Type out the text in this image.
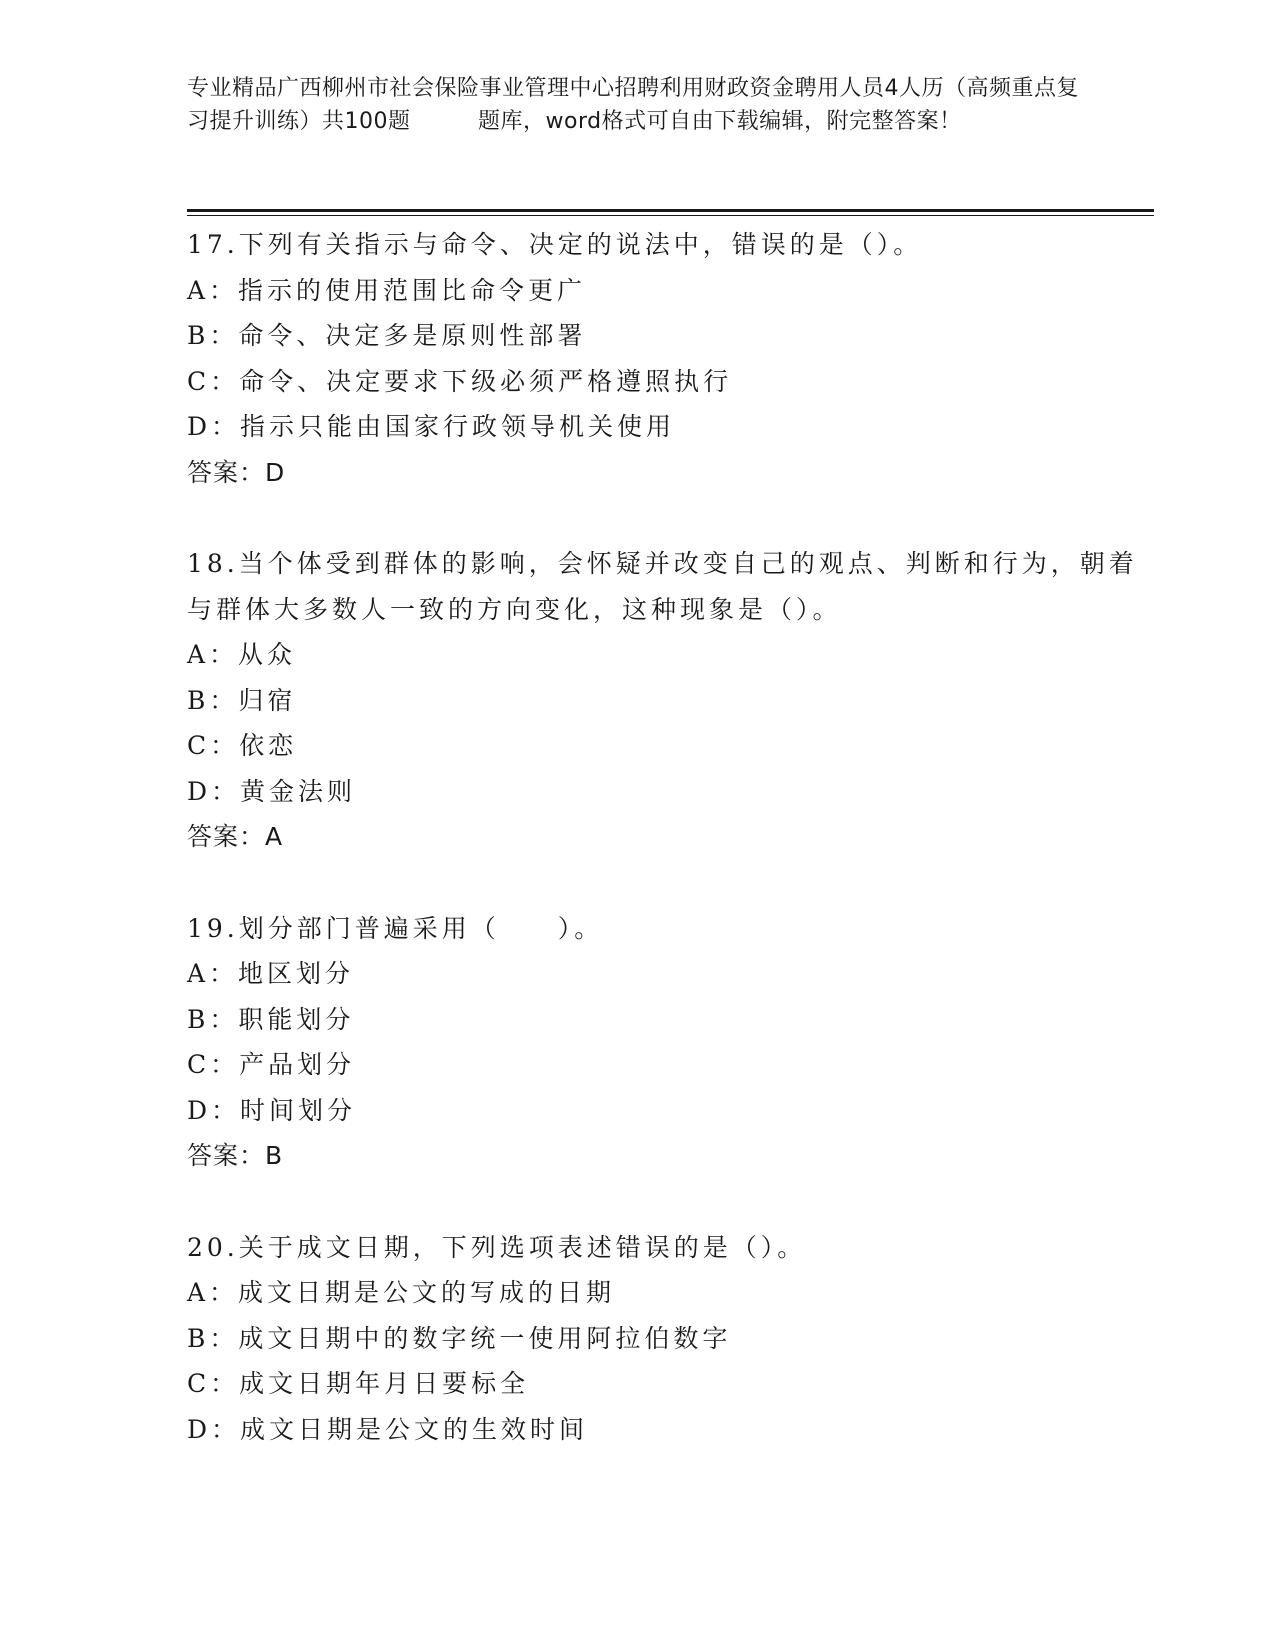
专业精品广西柳州市社会保险事业管理中心招聘利用财政资金聘用人员4人历（高频重点复习提升训练）共100题　　　题库，word格式可自由下载编辑，附完整答案！

17.下列有关指示与命令、决定的说法中，错误的是（）。

A：指示的使用范围比命令更广

B：命令、决定多是原则性部署

C：命令、决定要求下级必须严格遵照执行

D：指示只能由国家行政领导机关使用

答案：D

18.当个体受到群体的影响，会怀疑并改变自己的观点、判断和行为，朝着与群体大多数人一致的方向变化，这种现象是（）。

A：从众

B：归宿

C：依恋

D：黄金法则

答案：A

19.划分部门普遍采用（　　）。

A：地区划分

B：职能划分

C：产品划分

D：时间划分

答案：B

20.关于成文日期，下列选项表述错误的是（）。

A：成文日期是公文的写成的日期

B：成文日期中的数字统一使用阿拉伯数字

C：成文日期年月日要标全

D：成文日期是公文的生效时间
